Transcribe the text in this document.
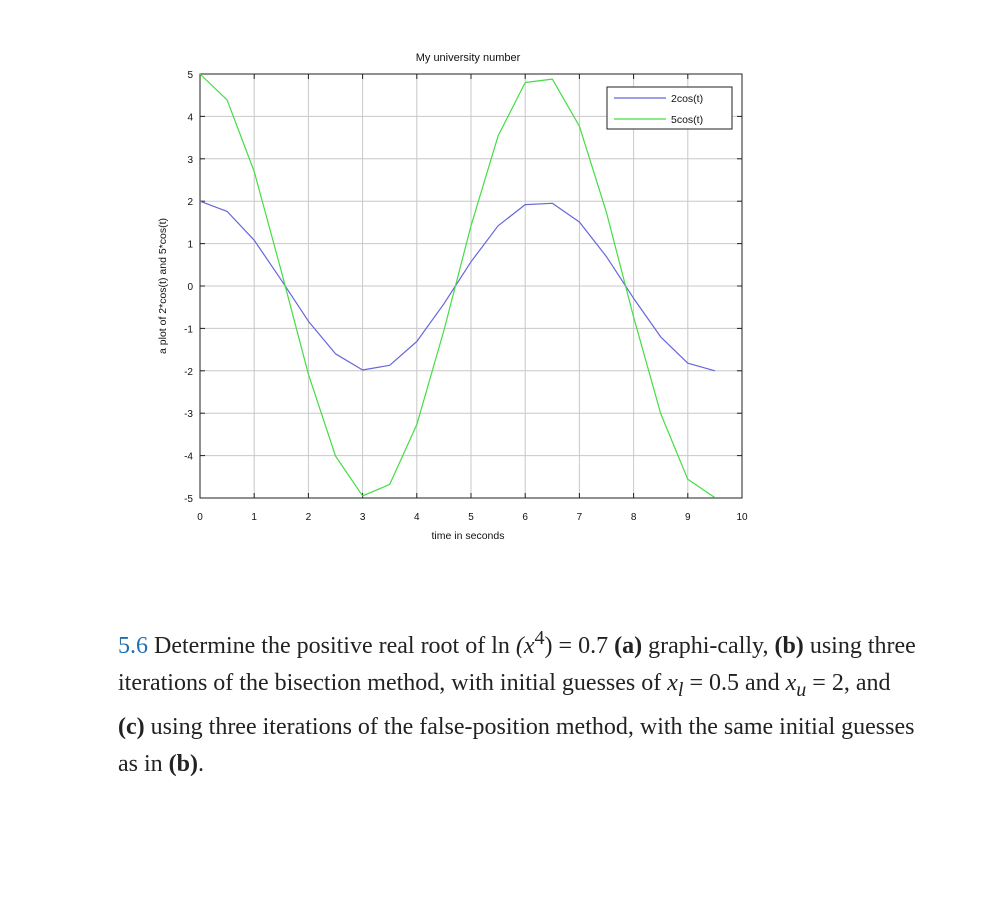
My university number
0	1	2	3	4	5	6	7	8	9	10
5
4
3
2
1
0
-1
-2
-3
-4
-5
time in seconds
a plot of 2*cos(t) and 5*cos(t)
2cos(t)
5cos(t)
5.6 Determine the positive real root of $\ln (x^4) = 0.7$ (a) graphi-cally, (b) using three iterations of the bisection method, with initial guesses of $x_l = 0.5$ and $x_u = 2$, and (c) using three iterations of the false-position method, with the same initial guesses as in (b).
